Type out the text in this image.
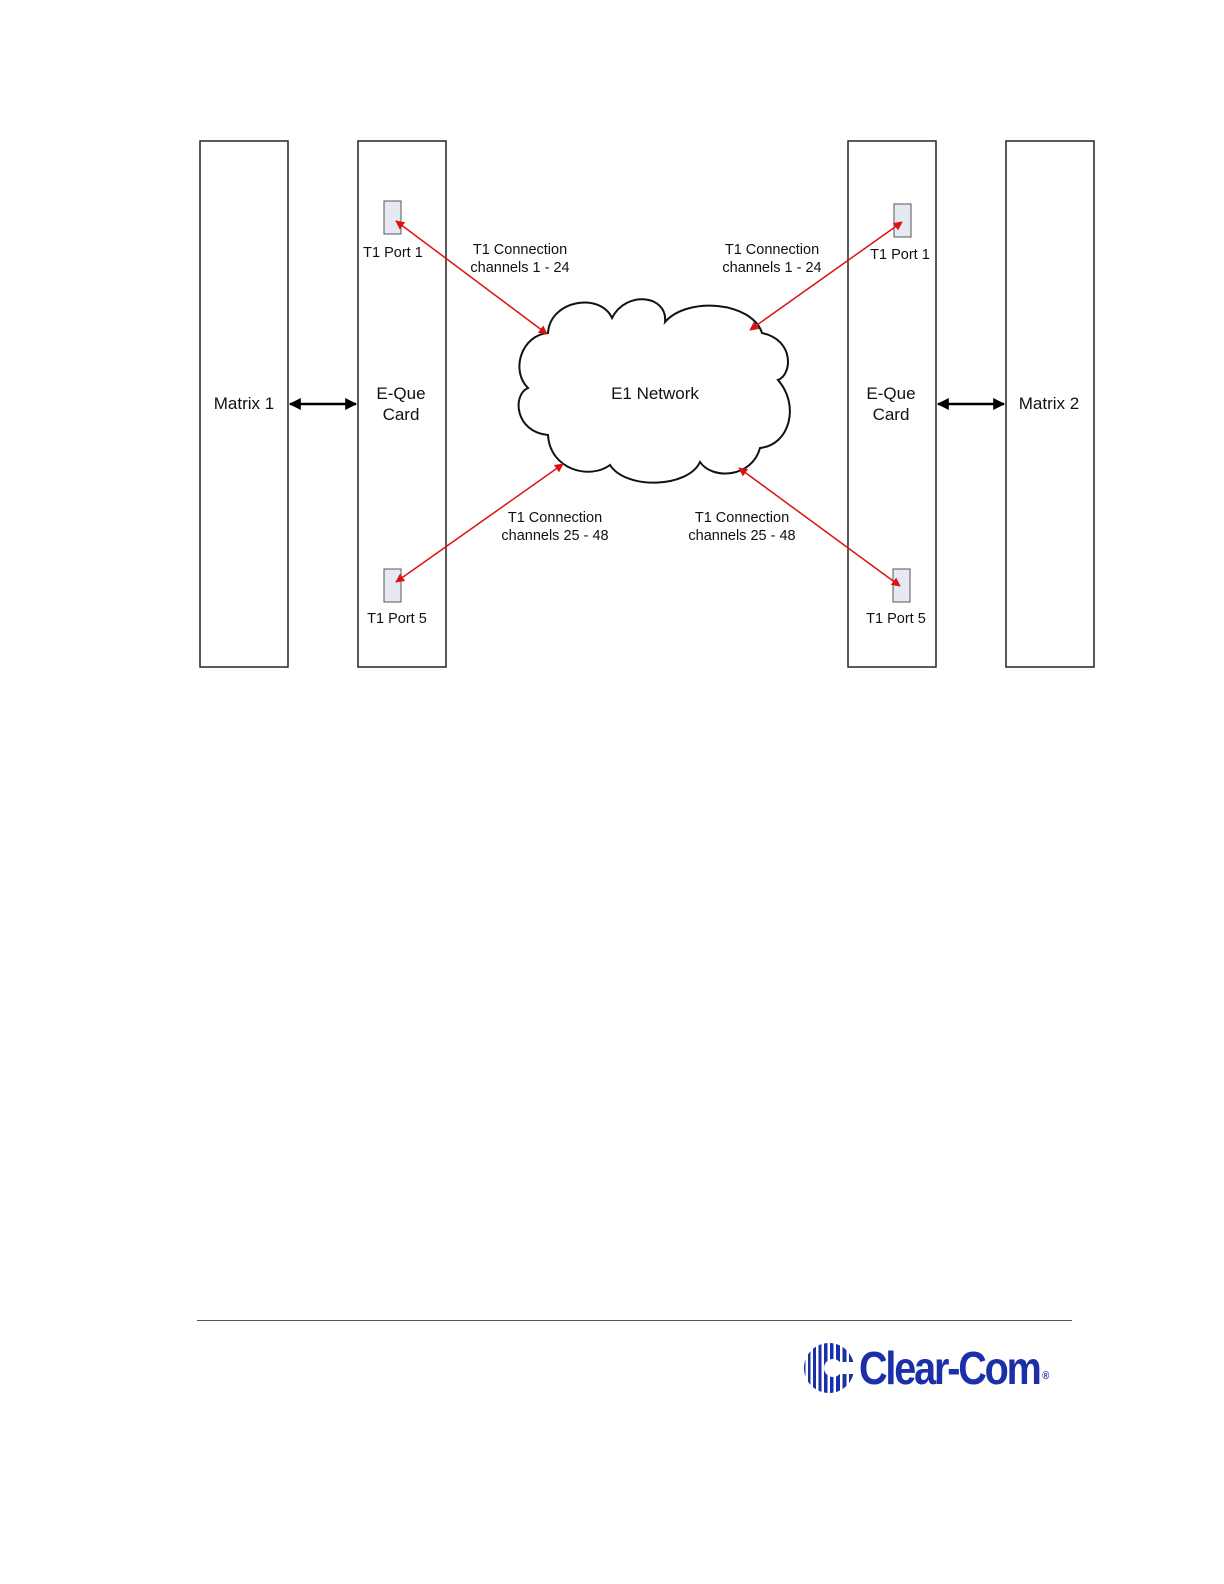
Matrix 1
E-Que
Card
T1 Port 1
T1 Port 5
E-Que
Card
T1 Port 1
T1 Port 5
Matrix 2
E1 Network
T1 Connection
channels 1 - 24
T1 Connection
channels 1 - 24
T1 Connection
channels 25 - 48
T1 Connection
channels 25 - 48
Clear-Com ®
